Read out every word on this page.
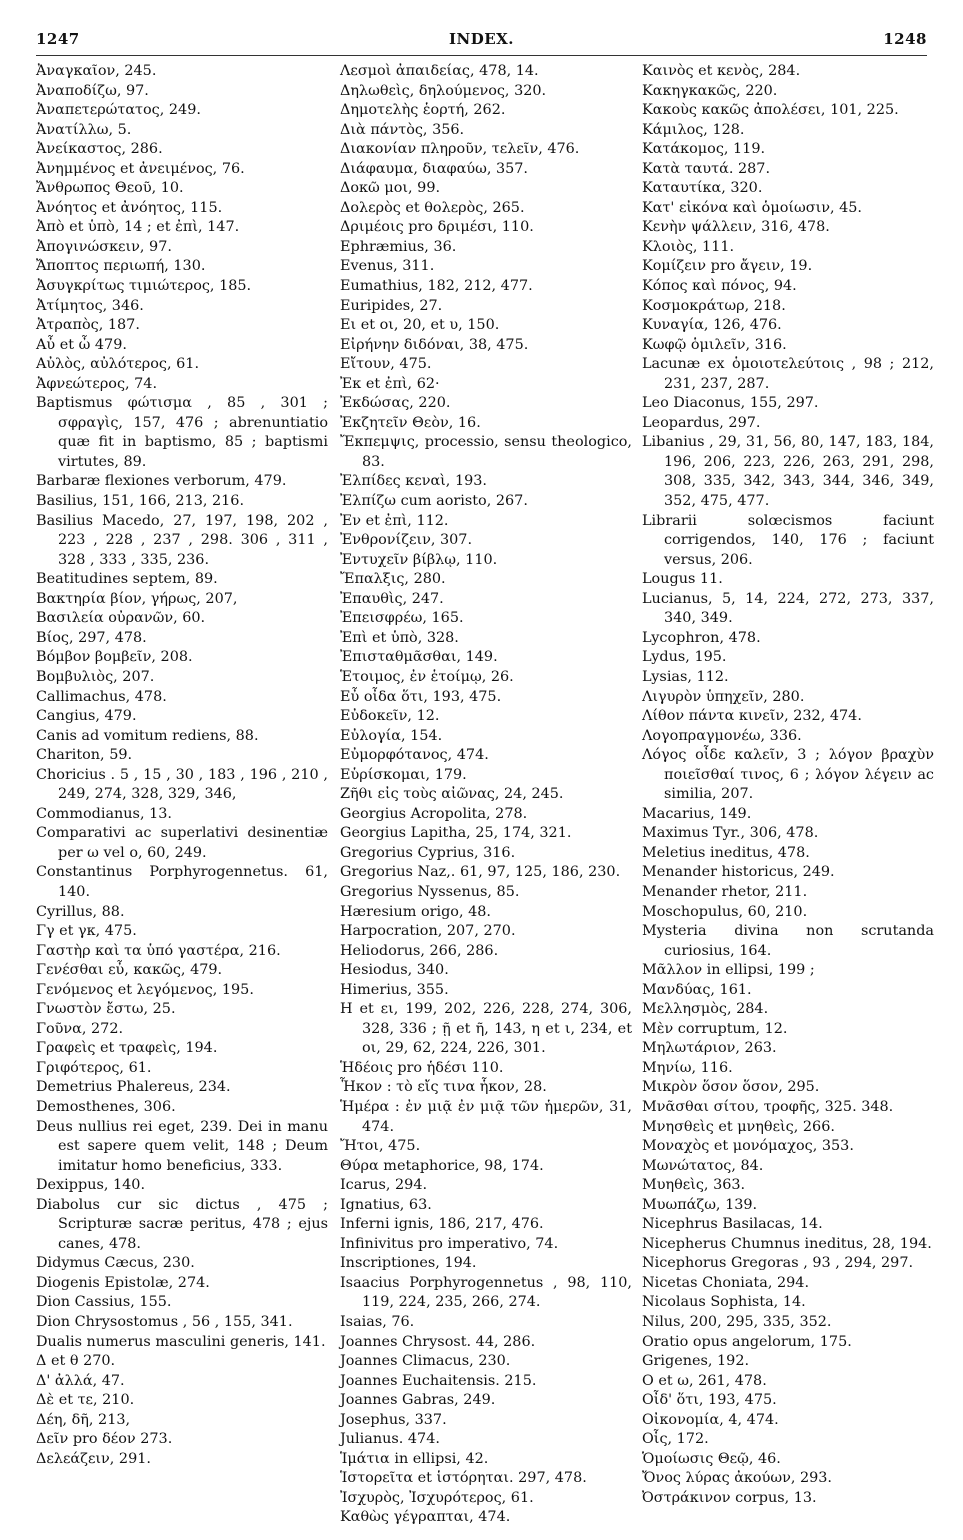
1247	INDEX.	1248
Ἀναγκαῖον, 245.
Ἀναποδίζω, 97.
Ἀναπετερώτατος, 249.
Ἀνατίλλω, 5.
Ἀνείκαστος, 286.
Ἀνημμένος et ἀνειμένος, 76.
Ἄνθρωπος Θεοῦ, 10.
Ἀνόητος et ἀνόητος, 115.
Ἀπὸ et ὑπὸ, 14 ; et ἐπὶ, 147.
Ἀπογινώσκειν, 97.
Ἄποπτος περιωπή, 130.
Ἀσυγκρίτως τιμιώτερος, 185.
Ἀτίμητος, 346.
Ἀτραπὸς, 187.
Αὖ et ὦ 479.
Αὐλὸς, αὐλότερος, 61.
Ἀφνεώτερος, 74.
Baptismus φώτισμα , 85 , 301 ; σφραγὶς, 157, 476 ; abrenuntiatio quæ fit in baptismo, 85 ; baptismi virtutes, 89.
Barbaræ flexiones verborum, 479.
Basilius, 151, 166, 213, 216.
Basilius Macedo, 27, 197, 198, 202 , 223 , 228 , 237 , 298. 306 , 311 , 328 , 333 , 335, 236.
Beatitudines septem, 89.
Βακτηρία βίον, γήρως, 207,
Βασιλεία οὐρανῶν, 60.
Βίος, 297, 478.
Βόμβον βομβεῖν, 208.
Βομβυλιὸς, 207.
Callimachus, 478.
Cangius, 479.
Canis ad vomitum rediens, 88.
Chariton, 59.
Choricius . 5 , 15 , 30 , 183 , 196 , 210 , 249, 274, 328, 329, 346,
Commodianus, 13.
Comparativi ac superlativi desinentiæ per ω vel ο, 60, 249.
Constantinus Porphyrogennetus. 61, 140.
Cyrillus, 88.
Γγ et γκ, 475.
Γαστὴρ καὶ τα ὑπό γαστέρα, 216.
Γενέσθαι εὖ, κακῶς, 479.
Γενόμενος et λεγόμενος, 195.
Γνωστὸν ἔστω, 25.
Γοῦνα, 272.
Γραφεὶς et τραφεὶς, 194.
Γριφότερος, 61.
Demetrius Phalereus, 234.
Demosthenes, 306.
Deus nullius rei eget, 239. Dei in manu est sapere quem velit, 148 ; Deum imitatur homo beneficius, 333.
Dexippus, 140.
Diabolus cur sic dictus , 475 ; Scripturæ sacræ peritus, 478 ; ejus canes, 478.
Didymus Cæcus, 230.
Diogenis Epistolæ, 274.
Dion Cassius, 155.
Dion Chrysostomus , 56 , 155, 341.
Dualis numerus masculini generis, 141.
Δ et θ 270.
Δ' ἀλλά, 47.
Δὲ et τε, 210.
Δέη, δῆ, 213,
Δεῖν pro δέον 273.
Δελεάζειν, 291.
Λεσμοὶ ἀπαιδείας, 478, 14.
Δηλωθεὶς, δηλούμενος, 320.
Δημοτελὴς ἑορτή, 262.
Διὰ πάντὸς, 356.
Διακονίαν πληροῦν, τελεῖν, 476.
Διάφαυμα, διαφαύω, 357.
Δοκῶ μοι, 99.
Δολερὸς et θολερὸς, 265.
Δριμέοις pro δριμέσι, 110.
Ephræmius, 36.
Evenus, 311.
Eumathius, 182, 212, 477.
Euripides, 27.
Ει et οι, 20, et υ, 150.
Εἰρήνην διδόναι, 38, 475.
Εἴτουν, 475.
Ἐκ et ἐπὶ, 62·
Ἐκδώσας, 220.
Ἐκζητεῖν Θεὸν, 16.
Ἔκπεμψις, processio, sensu theologico, 83.
Ἐλπίδες κεναὶ, 193.
Ἐλπίζω cum aoristo, 267.
Ἐν et ἐπὶ, 112.
Ἐνθρονίζειν, 307.
Ἐντυχεῖν βίβλῳ, 110.
Ἔπαλξις, 280.
Ἐπαυθὶς, 247.
Ἐπεισφρέω, 165.
Ἐπὶ et ὑπὸ, 328.
Ἐπισταθμᾶσθαι, 149.
Ἑτοιμος, ἐν ἑτοίμῳ, 26.
Εὖ οἶδα ὅτι, 193, 475.
Εὐδοκεῖν, 12.
Εὐλογία, 154.
Εὐμορφότανος, 474.
Εὑρίσκομαι, 179.
Ζῆθι εἰς τοὺς αἰῶνας, 24, 245.
Georgius Acropolita, 278.
Georgius Lapitha, 25, 174, 321.
Gregorius Cyprius, 316.
Gregorius Naz,. 61, 97, 125, 186, 230.
Gregorius Nyssenus, 85.
Hæresium origo, 48.
Harpocration, 207, 270.
Heliodorus, 266, 286.
Hesiodus, 340.
Himerius, 355.
H et ει, 199, 202, 226, 228, 274, 306, 328, 336 ; ῇ et ῆ, 143, η et ι, 234, et οι, 29, 62, 224, 226, 301.
Ἡδέοις pro ἡδέσι 110.
Ἧκον : τὸ εἴς τινα ἧκον, 28.
Ἡμέρα : ἐν μιᾷ ἐν μιᾷ τῶν ἡμερῶν, 31, 474.
Ἤτοι, 475.
Θύρα metaphorice, 98, 174.
Icarus, 294.
Ignatius, 63.
Inferni ignis, 186, 217, 476.
Infinivitus pro imperativo, 74.
Inscriptiones, 194.
Isaacius Porphyrogennetus , 98, 110, 119, 224, 235, 266, 274.
Isaias, 76.
Joannes Chrysost. 44, 286.
Joannes Climacus, 230.
Joannes Euchaitensis. 215.
Joannes Gabras, 249.
Josephus, 337.
Julianus. 474.
Ἱμάτια in ellipsi, 42.
Ἱστορεῖτα et ἱστόρηται. 297, 478.
Ἰσχυρὸς, Ἰσχυρότερος, 61.
Καθὼς γέγραπται, 474.
Καινὸς et κενὸς, 284.
Κακηγκακῶς, 220.
Κακοὺς κακῶς ἀπολέσει, 101, 225.
Κάμιλος, 128.
Κατάκομος, 119.
Κατὰ ταυτά. 287.
Καταυτίκα, 320.
Κατ' εἰκόνα καὶ ὁμοίωσιν, 45.
Κενὴν ψάλλειν, 316, 478.
Κλοιὸς, 111.
Κομίζειν pro ἄγειν, 19.
Κόπος καὶ πόνος, 94.
Κοσμοκράτωρ, 218.
Κυναγία, 126, 476.
Κωφῷ ὁμιλεῖν, 316.
Lacunæ ex ὁμοιοτελεύτοις , 98 ; 212, 231, 237, 287.
Leo Diaconus, 155, 297.
Leopardus, 297.
Libanius , 29, 31, 56, 80, 147, 183, 184, 196, 206, 223, 226, 263, 291, 298, 308, 335, 342, 343, 344, 346, 349, 352, 475, 477.
Librarii solœcismos faciunt corrigendos, 140, 176 ; faciunt versus, 206.
Lougus 11.
Lucianus, 5, 14, 224, 272, 273, 337, 340, 349.
Lycophron, 478.
Lydus, 195.
Lysias, 112.
Λιγυρὸν ὑπηχεῖν, 280.
Λίθον πάντα κινεῖν, 232, 474.
Λογοπραγμονέω, 336.
Λόγος οἶδε καλεῖν, 3 ; λόγον βραχὺν ποιεῖσθαί τινος, 6 ; λόγον λέγειν ac similia, 207.
Macarius, 149.
Maximus Tyr., 306, 478.
Meletius ineditus, 478.
Menander historicus, 249.
Menander rhetor, 211.
Moschopulus, 60, 210.
Mysteria divina non scrutanda curiosius, 164.
Μᾶλλον in ellipsi, 199 ;
Μανδύας, 161.
Μελλησμὸς, 284.
Μὲν corruptum, 12.
Μηλωτάριον, 263.
Μηνίω, 116.
Μικρὸν ὅσον ὅσον, 295.
Μνᾶσθαι σίτου, τροφῆς, 325. 348.
Μνησθεὶς et μνηθεὶς, 266.
Μοναχὸς et μονόμαχος, 353.
Μωνώτατος, 84.
Μυηθεὶς, 363.
Μυωπάζω, 139.
Nicephrus Basilacas, 14.
Nicepherus Chumnus ineditus, 28, 194.
Nicephorus Gregoras , 93 , 294, 297.
Nicetas Choniata, 294.
Nicolaus Sophista, 14.
Nilus, 200, 295, 335, 352.
Oratio opus angelorum, 175.
Grigenes, 192.
Ο et ω, 261, 478.
Οἶδ' ὅτι, 193, 475.
Οἰκονομία, 4, 474.
Οἷς, 172.
Ὁμοίωσις Θεῷ, 46.
Ὄνος λύρας ἀκούων, 293.
Ὀστράκινον corpus, 13.
